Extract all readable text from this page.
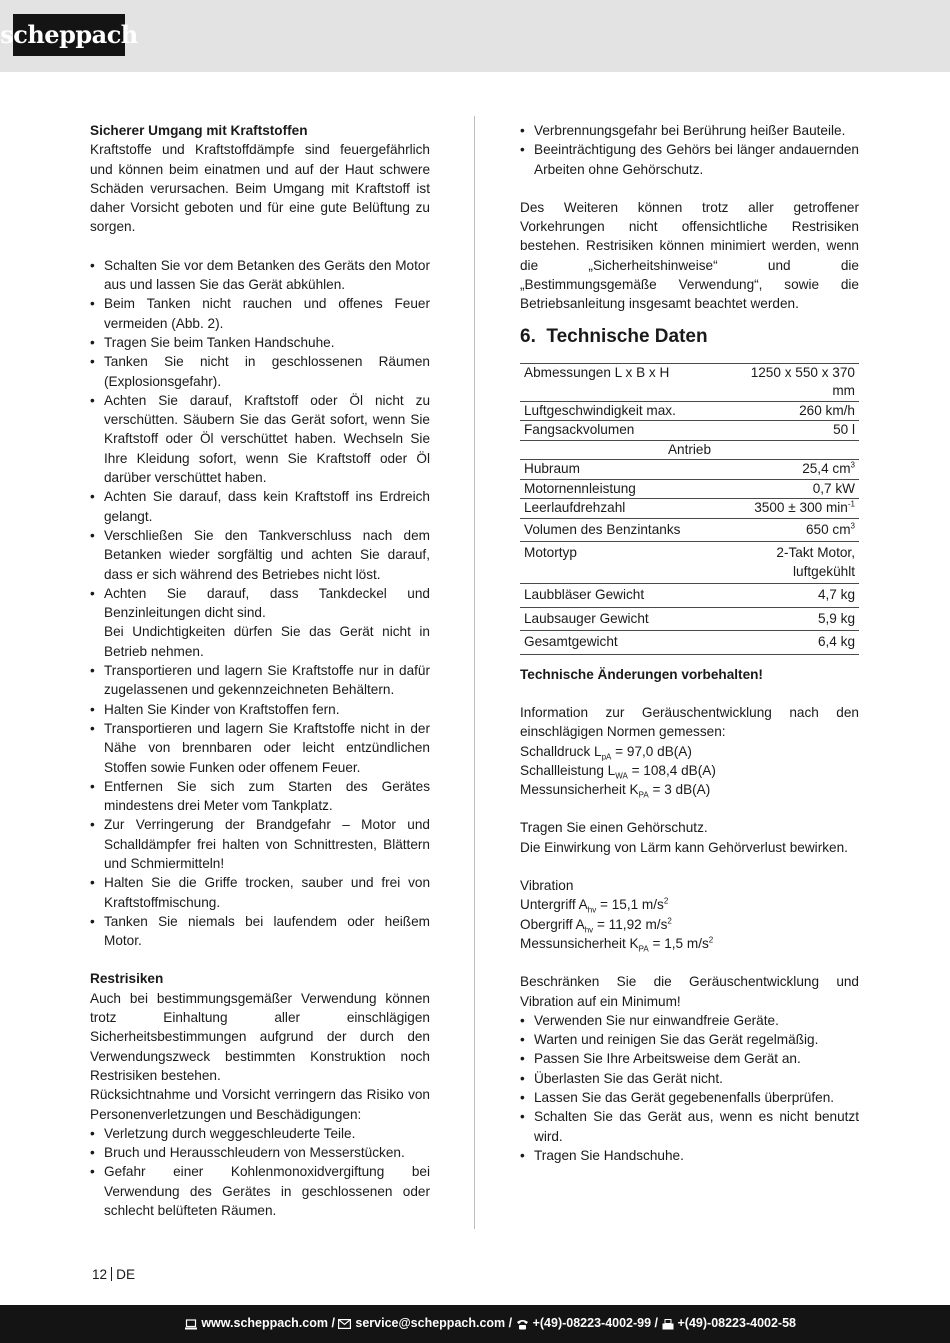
scheppach
Sicherer Umgang mit Kraftstoffen

Kraftstoffe und Kraftstoffdämpfe sind feuergefährlich und können beim einatmen und auf der Haut schwere Schäden verursachen. Beim Umgang mit Kraftstoff ist daher Vorsicht geboten und für eine gute Belüftung zu sorgen.

• Schalten Sie vor dem Betanken des Geräts den Motor aus und lassen Sie das Gerät abkühlen.
• Beim Tanken nicht rauchen und offenes Feuer vermeiden (Abb. 2).
• Tragen Sie beim Tanken Handschuhe.
• Tanken Sie nicht in geschlossenen Räumen (Explosionsgefahr).
• Achten Sie darauf, Kraftstoff oder Öl nicht zu verschütten. Säubern Sie das Gerät sofort, wenn Sie Kraftstoff oder Öl verschüttet haben. Wechseln Sie Ihre Kleidung sofort, wenn Sie Kraftstoff oder Öl darüber verschüttet haben.
• Achten Sie darauf, dass kein Kraftstoff ins Erdreich gelangt.
• Verschließen Sie den Tankverschluss nach dem Betanken wieder sorgfältig und achten Sie darauf, dass er sich während des Betriebes nicht löst.
• Achten Sie darauf, dass Tankdeckel und Benzinleitungen dicht sind.
Bei Undichtigkeiten dürfen Sie das Gerät nicht in Betrieb nehmen.
• Transportieren und lagern Sie Kraftstoffe nur in dafür zugelassenen und gekennzeichneten Behältern.
• Halten Sie Kinder von Kraftstoffen fern.
• Transportieren und lagern Sie Kraftstoffe nicht in der Nähe von brennbaren oder leicht entzündlichen Stoffen sowie Funken oder offenem Feuer.
• Entfernen Sie sich zum Starten des Gerätes mindestens drei Meter vom Tankplatz.
• Zur Verringerung der Brandgefahr – Motor und Schalldämpfer frei halten von Schnittresten, Blättern und Schmiermitteln!
• Halten Sie die Griffe trocken, sauber und frei von Kraftstoffmischung.
• Tanken Sie niemals bei laufendem oder heißem Motor.
Restrisiken

Auch bei bestimmungsgemäßer Verwendung können trotz Einhaltung aller einschlägigen Sicherheitsbestimmungen aufgrund der durch den Verwendungszweck bestimmten Konstruktion noch Restrisiken bestehen.

Rücksichtnahme und Vorsicht verringern das Risiko von Personenverletzungen und Beschädigungen:

• Verletzung durch weggeschleuderte Teile.
• Bruch und Herausschleudern von Messerstücken.
• Gefahr einer Kohlenmonoxidvergiftung bei Verwendung des Gerätes in geschlossenen oder schlecht belüfteten Räumen.
• Verbrennungsgefahr bei Berührung heißer Bauteile.
• Beeinträchtigung des Gehörs bei länger andauernden Arbeiten ohne Gehörschutz.

Des Weiteren können trotz aller getroffener Vorkehrungen nicht offensichtliche Restrisiken bestehen. Restrisiken können minimiert werden, wenn die „Sicherheitshinweise“ und die „Bestimmungsgemäße Verwendung“, sowie die Betriebsanleitung insgesamt beachtet werden.

6.  Technische Daten
Abmessungen L x B x H	1250 x 550 x 370 mm
Luftgeschwindigkeit max.	260 km/h
Fangsackvolumen	50 l
Antrieb	
Hubraum	25,4 $cm^3$
Motornennleistung	0,7 kW
Leerlaufdrehzahl	3500 ± 300 $\min^{-1}$
Volumen des Benzintanks	650 $cm^3$
Motortyp	2-Takt Motor, luftgekühlt
Laubbläser Gewicht	4,7 kg
Laubsauger Gewicht	5,9 kg
Gesamtgewicht	6,4 kg
Technische Änderungen vorbehalten!

Information zur Geräuschentwicklung nach den einschlägigen Normen gemessen:

Schalldruck $L_{pA} = 97,0$ dB(A)

Schallleistung $L_{WA} = 108,4$ dB(A)

Messunsicherheit $K_{PA} = 3$ dB(A)

Tragen Sie einen Gehörschutz.

Die Einwirkung von Lärm kann Gehörverlust bewirken.

Vibration

Untergriff $A_{hv} = 15,1$ $m/s^2$

Obergriff $A_{hv} = 11,92$ $m/s^2$

Messunsicherheit $K_{PA} = 1,5$ $m/s^2$

Beschränken Sie die Geräuschentwicklung und Vibration auf ein Minimum!

• Verwenden Sie nur einwandfreie Geräte.
• Warten und reinigen Sie das Gerät regelmäßig.
• Passen Sie Ihre Arbeitsweise dem Gerät an.
• Überlasten Sie das Gerät nicht.
• Lassen Sie das Gerät gegebenenfalls überprüfen.
• Schalten Sie das Gerät aus, wenn es nicht benutzt wird.
• Tragen Sie Handschuhe.
12 DE
www.scheppach.com / service@scheppach.com / +(49)-08223-4002-99 / +(49)-08223-4002-58
